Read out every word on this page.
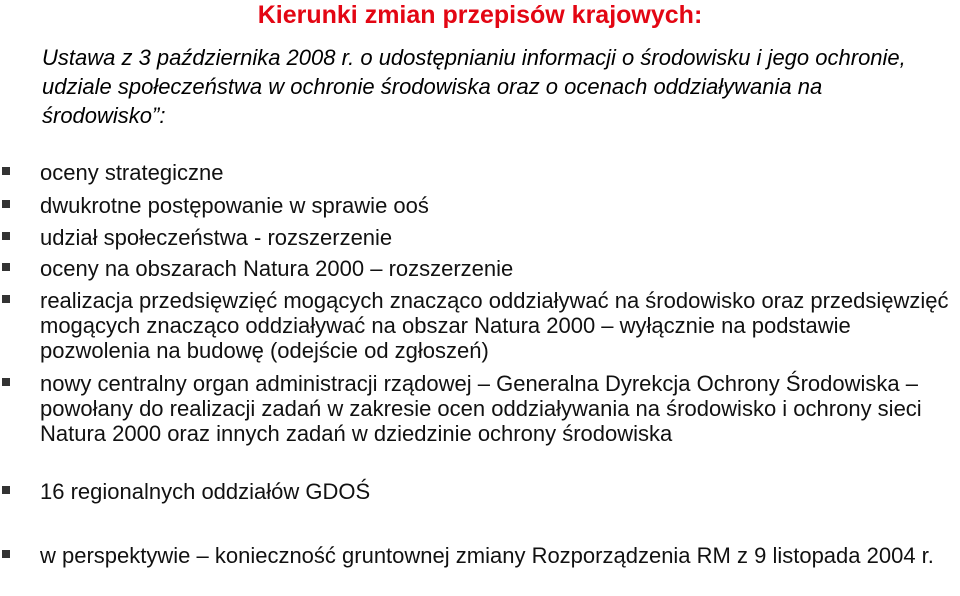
Kierunki zmian przepisów krajowych:
Ustawa z 3 października 2008 r. o udostępnianiu informacji o środowisku i jego ochronie, udziale społeczeństwa w ochronie środowiska oraz o ocenach oddziaływania na środowisko”:
oceny strategiczne
dwukrotne postępowanie w sprawie ooś
udział społeczeństwa - rozszerzenie
oceny na obszarach Natura 2000 – rozszerzenie
realizacja przedsięwzięć mogących znacząco oddziaływać na środowisko oraz przedsięwzięć mogących znacząco oddziaływać na obszar Natura 2000 – wyłącznie na podstawie pozwolenia na budowę (odejście od zgłoszeń)
nowy centralny organ administracji rządowej – Generalna Dyrekcja Ochrony Środowiska – powołany do realizacji zadań w zakresie ocen oddziaływania na środowisko i ochrony sieci Natura 2000 oraz innych zadań w dziedzinie ochrony środowiska
16 regionalnych oddziałów GDOŚ
w perspektywie – konieczność gruntownej zmiany Rozporządzenia RM z 9 listopada 2004 r.
